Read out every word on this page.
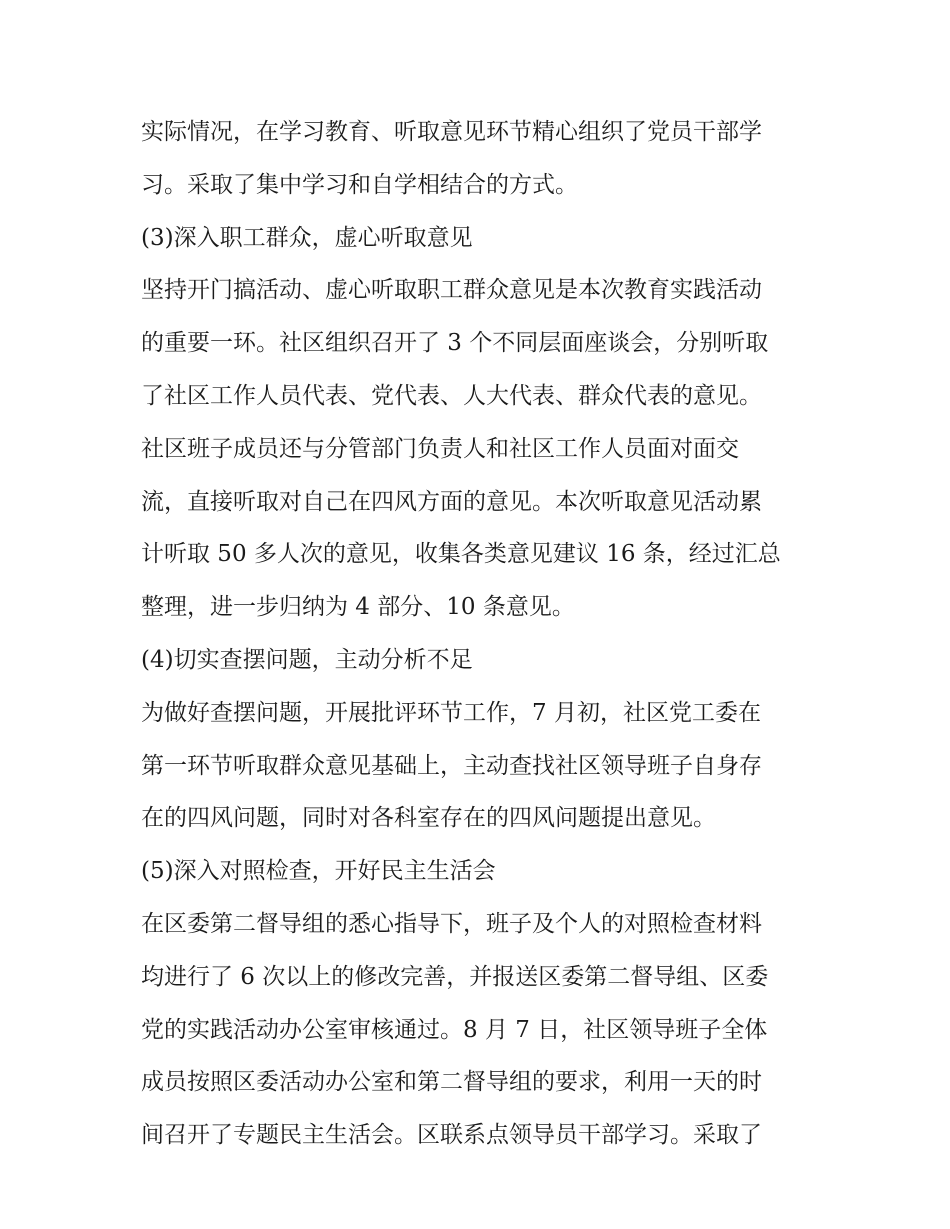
实际情况，在学习教育、听取意见环节精心组织了党员干部学
习。采取了集中学习和自学相结合的方式。
(3)深入职工群众，虚心听取意见
坚持开门搞活动、虚心听取职工群众意见是本次教育实践活动
的重要一环。社区组织召开了 3 个不同层面座谈会，分别听取
了社区工作人员代表、党代表、人大代表、群众代表的意见。
社区班子成员还与分管部门负责人和社区工作人员面对面交
流，直接听取对自己在四风方面的意见。本次听取意见活动累
计听取 50 多人次的意见，收集各类意见建议 16 条，经过汇总
整理，进一步归纳为 4 部分、10 条意见。
(4)切实查摆问题，主动分析不足
为做好查摆问题，开展批评环节工作，7 月初，社区党工委在
第一环节听取群众意见基础上，主动查找社区领导班子自身存
在的四风问题，同时对各科室存在的四风问题提出意见。
(5)深入对照检查，开好民主生活会
在区委第二督导组的悉心指导下，班子及个人的对照检查材料
均进行了 6 次以上的修改完善，并报送区委第二督导组、区委
党的实践活动办公室审核通过。8 月 7 日，社区领导班子全体
成员按照区委活动办公室和第二督导组的要求，利用一天的时
间召开了专题民主生活会。区联系点领导员干部学习。采取了
